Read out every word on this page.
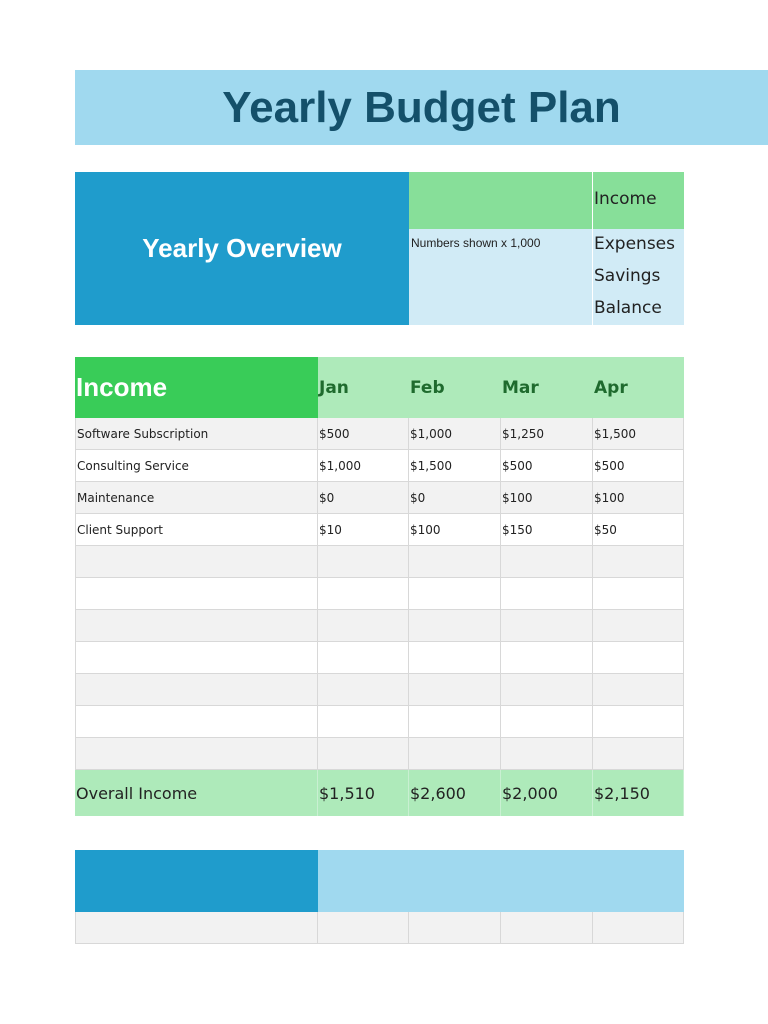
Yearly Budget Plan
Yearly Overview	Numbers shown x 1,000
Income
Expenses
Savings
Balance
Income	Jan	Feb	Mar	Apr
Software Subscription	$500	$1,000	$1,250	$1,500
Consulting Service	$1,000	$1,500	$500	$500
Maintenance	$0	$0	$100	$100
Client Support	$10	$100	$150	$50
Overall Income	$1,510	$2,600	$2,000	$2,150
